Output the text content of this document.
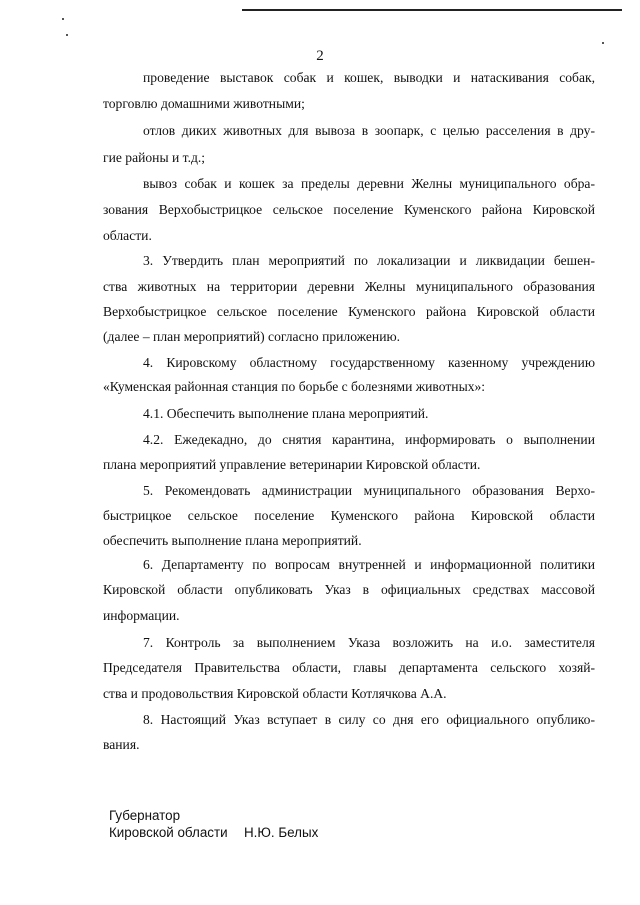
2
проведение выставок собак и кошек, выводки и натаскивания собак,
торговлю домашними животными;
отлов диких животных для вывоза в зоопарк, с целью расселения в дру-
гие районы и т.д.;
вывоз собак и кошек за пределы деревни Желны муниципального обра-
зования Верхобыстрицкое сельское поселение Куменского района Кировской
области.
3. Утвердить план мероприятий по локализации и ликвидации бешен-
ства животных на территории деревни Желны муниципального образования
Верхобыстрицкое сельское поселение Куменского района Кировской области
(далее – план мероприятий) согласно приложению.
4. Кировскому областному государственному казенному учреждению
«Куменская районная станция по борьбе с болезнями животных»:
4.1. Обеспечить выполнение плана мероприятий.
4.2. Ежедекадно, до снятия карантина, информировать о выполнении
плана мероприятий управление ветеринарии Кировской области.
5. Рекомендовать администрации муниципального образования Верхо-
быстрицкое сельское поселение Куменского района Кировской области
обеспечить выполнение плана мероприятий.
6. Департаменту по вопросам внутренней и информационной политики
Кировской области опубликовать Указ в официальных средствах массовой
информации.
7. Контроль за выполнением Указа возложить на и.о. заместителя
Председателя Правительства области, главы департамента сельского хозяй-
ства и продовольствия Кировской области Котлячкова А.А.
8. Настоящий Указ вступает в силу со дня его официального опублико-
вания.
Губернатор
Кировской области Н.Ю. Белых
